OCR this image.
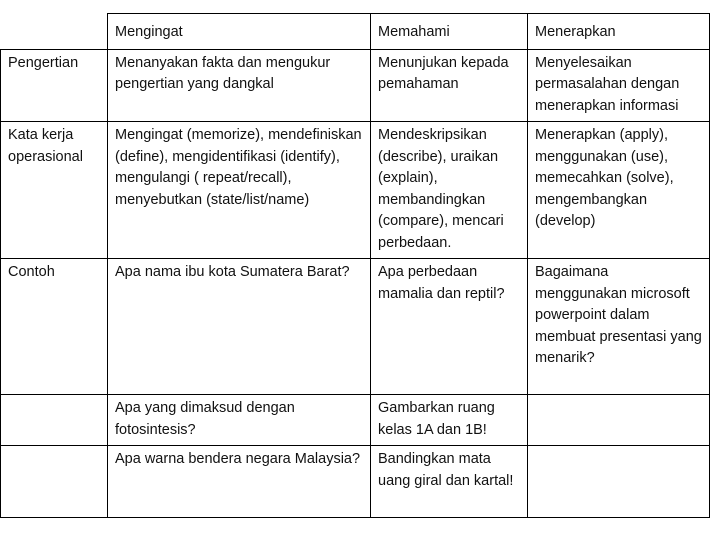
	Mengingat	Memahami	Menerapkan
Pengertian	Menanyakan fakta dan mengukur pengertian yang dangkal	Menunjukan kepada pemahaman	Menyelesaikan permasalahan dengan menerapkan informasi
Kata kerja operasional	Mengingat (memorize), mendefiniskan (define), mengidentifikasi (identify), mengulangi ( repeat/recall), menyebutkan (state/list/name)	Mendeskripsikan (describe), uraikan (explain), membandingkan (compare), mencari perbedaan.	Menerapkan (apply), menggunakan (use), memecahkan (solve), mengembangkan (develop)
Contoh	Apa nama ibu kota Sumatera Barat?	Apa perbedaan mamalia dan reptil?	Bagaimana menggunakan microsoft powerpoint dalam membuat presentasi yang menarik?
	Apa yang dimaksud dengan fotosintesis?	Gambarkan ruang kelas 1A dan 1B!	
	Apa warna bendera negara Malaysia?	Bandingkan mata uang giral dan kartal!	
